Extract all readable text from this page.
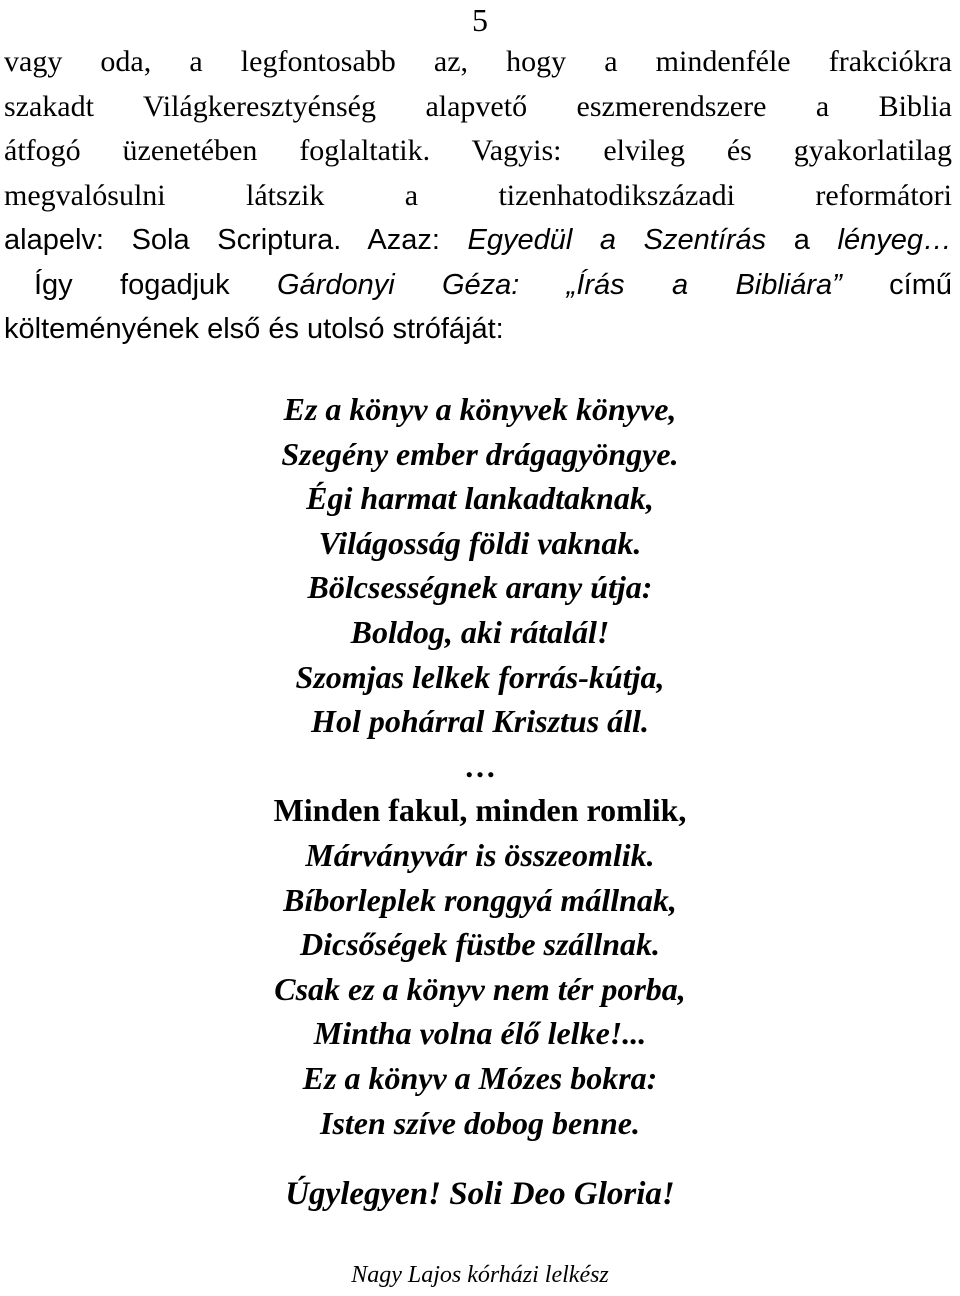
5
vagy oda, a legfontosabb az, hogy a mindenféle frakciókra
szakadt Világkeresztyénség alapvető eszmerendszere a Biblia
átfogó üzenetében foglaltatik. Vagyis: elvileg és gyakorlatilag
megvalósulni látszik a tizenhatodikszázadi reformátori
alapelv: Sola Scriptura. Azaz: Egyedül a Szentírás a lényeg…
Így fogadjuk Gárdonyi Géza: „Írás a Bibliára” című
költeményének első és utolsó strófáját:
Ez a könyv a könyvek könyve,
Szegény ember drágagyöngye.
Égi harmat lankadtaknak,
Világosság földi vaknak.
Bölcsességnek arany útja:
Boldog, aki rátalál!
Szomjas lelkek forrás-kútja,
Hol pohárral Krisztus áll.
…
Minden fakul, minden romlik,
Márványvár is összeomlik.
Bíborleplek ronggyá mállnak,
Dicsőségek füstbe szállnak.
Csak ez a könyv nem tér porba,
Mintha volna élő lelke!...
Ez a könyv a Mózes bokra:
Isten szíve dobog benne.
Úgylegyen! Soli Deo Gloria!
Nagy Lajos kórházi lelkész
